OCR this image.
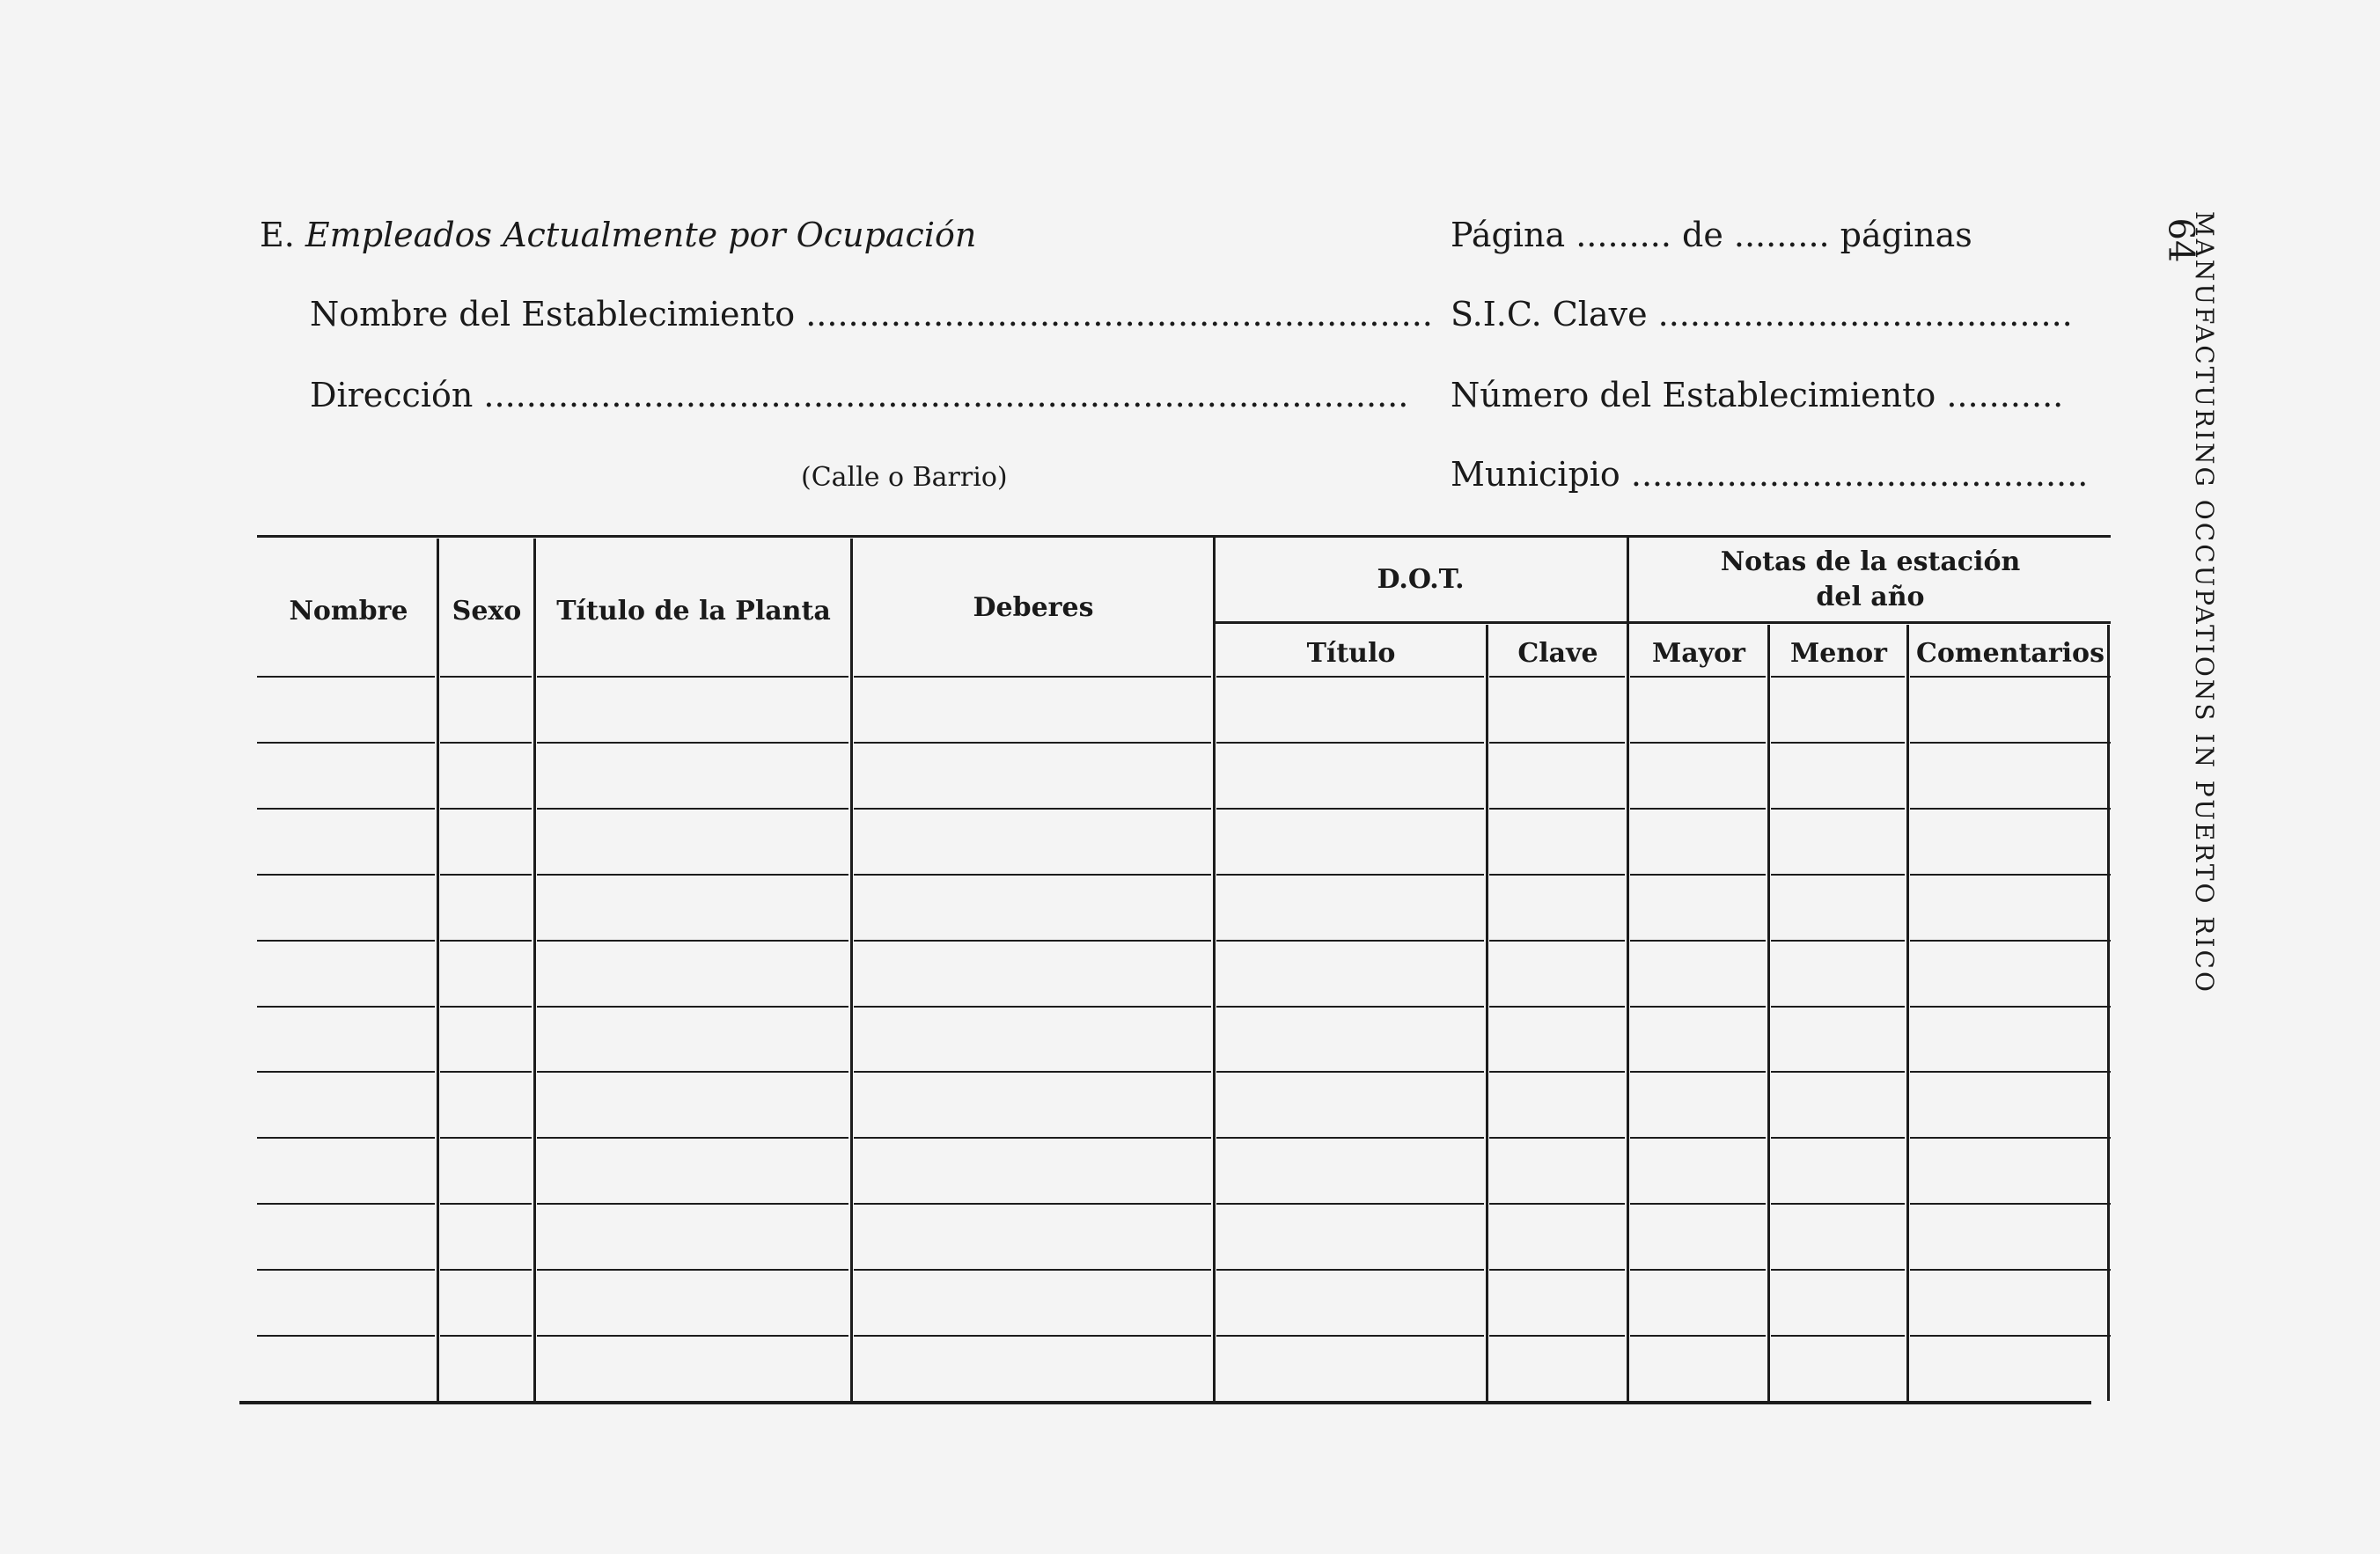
E. Empleados Actualmente por Ocupación
Nombre del Establecimiento ...........................................................
Dirección .......................................................................................
(Calle o Barrio)
Página ......... de ......... páginas
S.I.C. Clave .......................................
Número del Establecimiento ...........
Municipio ...........................................
64
MANUFACTURING OCCUPATIONS IN PUERTO RICO
Nombre	Sexo	Título de la Planta	Deberes
D.O.T.
Título	Clave
Notas de la estación
del año
Mayor	Menor	Comentarios
